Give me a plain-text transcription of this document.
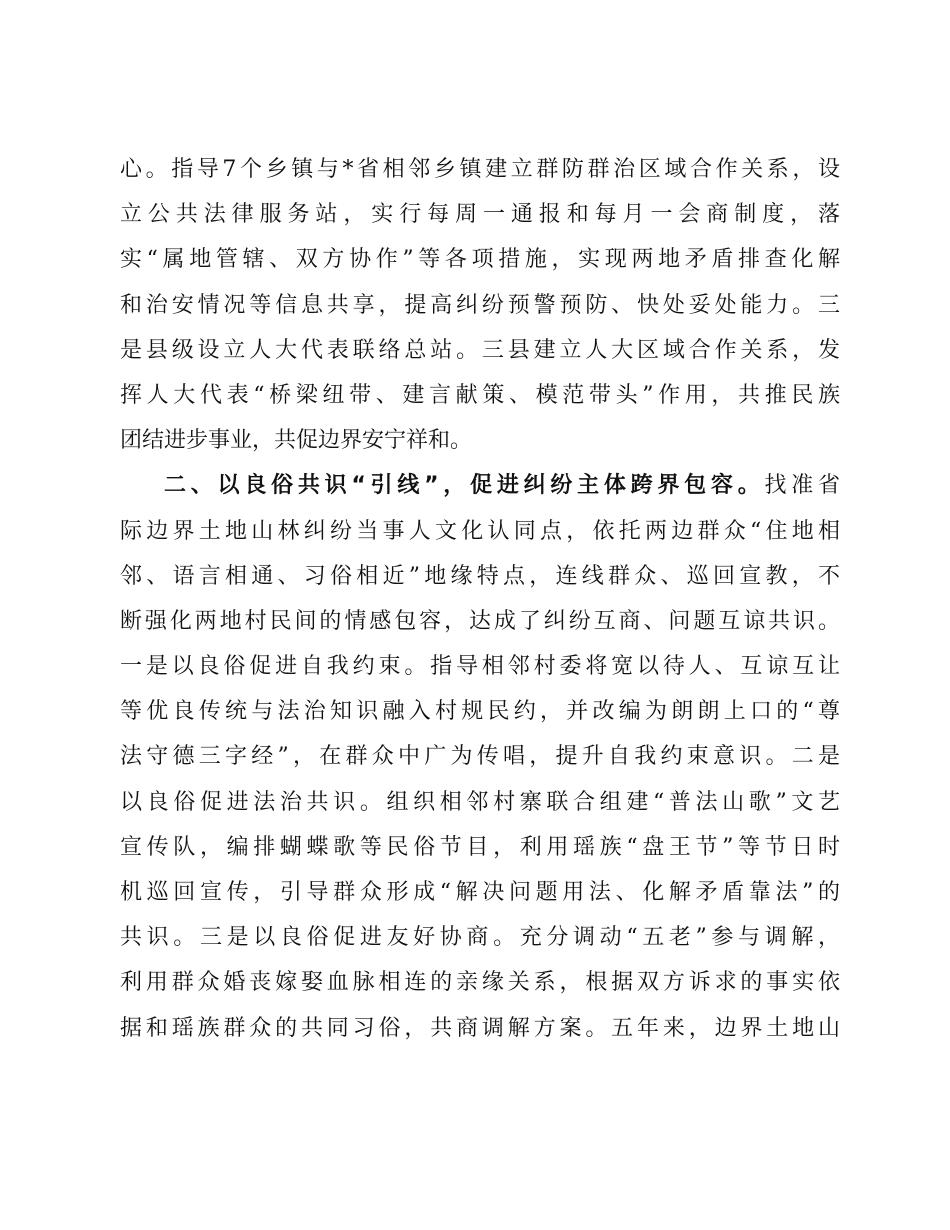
心。指导7个乡镇与*省相邻乡镇建立群防群治区域合作关系，设
立公共法律服务站，实行每周一通报和每月一会商制度，落
实“属地管辖、双方协作”等各项措施，实现两地矛盾排查化解
和治安情况等信息共享，提高纠纷预警预防、快处妥处能力。三
是县级设立人大代表联络总站。三县建立人大区域合作关系，发
挥人大代表“桥梁纽带、建言献策、模范带头”作用，共推民族
团结进步事业，共促边界安宁祥和。
二、以良俗共识“引线”，促进纠纷主体跨界包容。找准省
际边界土地山林纠纷当事人文化认同点，依托两边群众“住地相
邻、语言相通、习俗相近”地缘特点，连线群众、巡回宣教，不
断强化两地村民间的情感包容，达成了纠纷互商、问题互谅共识。
一是以良俗促进自我约束。指导相邻村委将宽以待人、互谅互让
等优良传统与法治知识融入村规民约，并改编为朗朗上口的“尊
法守德三字经”，在群众中广为传唱，提升自我约束意识。二是
以良俗促进法治共识。组织相邻村寨联合组建“普法山歌”文艺
宣传队，编排蝴蝶歌等民俗节目，利用瑶族“盘王节”等节日时
机巡回宣传，引导群众形成“解决问题用法、化解矛盾靠法”的
共识。三是以良俗促进友好协商。充分调动“五老”参与调解，
利用群众婚丧嫁娶血脉相连的亲缘关系，根据双方诉求的事实依
据和瑶族群众的共同习俗，共商调解方案。五年来，边界土地山
